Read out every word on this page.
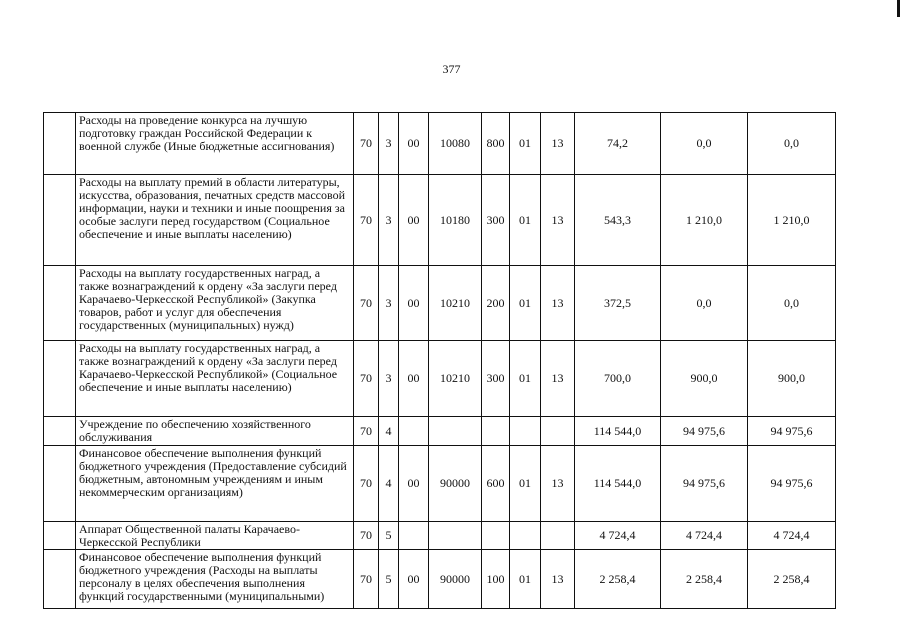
377
	Расходы на проведение конкурса на лучшую подготовку граждан Российской Федерации к военной службе (Иные бюджетные ассигнования)	70	3	00	10080	800	01	13	74,2	0,0	0,0
	Расходы на выплату премий в области литературы, искусства, образования, печатных средств массовой информации, науки и техники и иные поощрения за особые заслуги перед государством (Социальное обеспечение и иные выплаты населению)	70	3	00	10180	300	01	13	543,3	1 210,0	1 210,0
	Расходы на выплату государственных наград, а также вознаграждений к ордену «За заслуги перед Карачаево-Черкесской Республикой» (Закупка товаров, работ и услуг для обеспечения государственных (муниципальных) нужд)	70	3	00	10210	200	01	13	372,5	0,0	0,0
	Расходы на выплату государственных наград, а также вознаграждений к ордену «За заслуги перед Карачаево-Черкесской Республикой» (Социальное обеспечение и иные выплаты населению)	70	3	00	10210	300	01	13	700,0	900,0	900,0
	Учреждение по обеспечению хозяйственного обслуживания	70	4						114 544,0	94 975,6	94 975,6
	Финансовое обеспечение выполнения функций бюджетного учреждения (Предоставление субсидий бюджетным, автономным учреждениям и иным некоммерческим организациям)	70	4	00	90000	600	01	13	114 544,0	94 975,6	94 975,6
	Аппарат Общественной палаты Карачаево-Черкесской Республики	70	5						4 724,4	4 724,4	4 724,4
	Финансовое обеспечение выполнения функций бюджетного учреждения (Расходы на выплаты персоналу в целях обеспечения выполнения функций государственными (муниципальными)	70	5	00	90000	100	01	13	2 258,4	2 258,4	2 258,4
